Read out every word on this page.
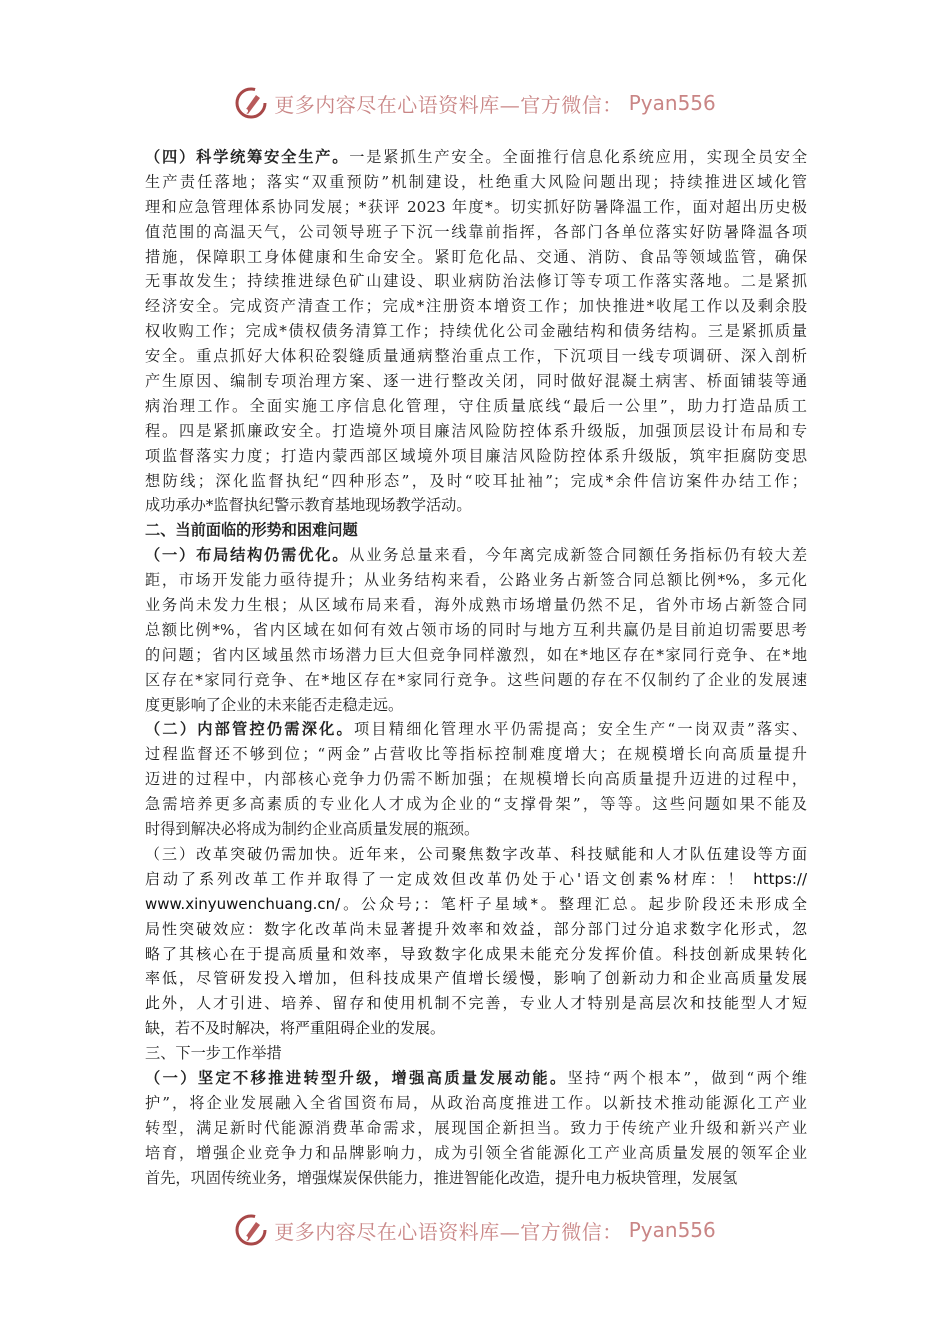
更多内容尽在心语资料库—官方微信： Pyan556
（四）科学统筹安全生产。一是紧抓生产安全。全面推行信息化系统应用，实现全员安全
生产责任落地；落实“双重预防”机制建设，杜绝重大风险问题出现；持续推进区域化管
理和应急管理体系协同发展；*获评 2023 年度*。切实抓好防暑降温工作，面对超出历史极
值范围的高温天气，公司领导班子下沉一线靠前指挥，各部门各单位落实好防暑降温各项
措施，保障职工身体健康和生命安全。紧盯危化品、交通、消防、食品等领域监管，确保
无事故发生；持续推进绿色矿山建设、职业病防治法修订等专项工作落实落地。二是紧抓
经济安全。完成资产清查工作；完成*注册资本增资工作；加快推进*收尾工作以及剩余股
权收购工作；完成*债权债务清算工作；持续优化公司金融结构和债务结构。三是紧抓质量
安全。重点抓好大体积砼裂缝质量通病整治重点工作，下沉项目一线专项调研、深入剖析
产生原因、编制专项治理方案、逐一进行整改关闭，同时做好混凝土病害、桥面铺装等通
病治理工作。全面实施工序信息化管理，守住质量底线“最后一公里”，助力打造品质工
程。四是紧抓廉政安全。打造境外项目廉洁风险防控体系升级版，加强顶层设计布局和专
项监督落实力度；打造内蒙西部区域境外项目廉洁风险防控体系升级版，筑牢拒腐防变思
想防线；深化监督执纪“四种形态”，及时“咬耳扯袖”；完成*余件信访案件办结工作；
成功承办*监督执纪警示教育基地现场教学活动。
二、当前面临的形势和困难问题
（一）布局结构仍需优化。从业务总量来看，今年离完成新签合同额任务指标仍有较大差
距，市场开发能力亟待提升；从业务结构来看，公路业务占新签合同总额比例*%，多元化
业务尚未发力生根；从区域布局来看，海外成熟市场增量仍然不足，省外市场占新签合同
总额比例*%，省内区域在如何有效占领市场的同时与地方互利共赢仍是目前迫切需要思考
的问题；省内区域虽然市场潜力巨大但竞争同样激烈，如在*地区存在*家同行竞争、在*地
区存在*家同行竞争、在*地区存在*家同行竞争。这些问题的存在不仅制约了企业的发展速
度更影响了企业的未来能否走稳走远。
（二）内部管控仍需深化。项目精细化管理水平仍需提高；安全生产“一岗双责”落实、
过程监督还不够到位；“两金”占营收比等指标控制难度增大；在规模增长向高质量提升
迈进的过程中，内部核心竞争力仍需不断加强；在规模增长向高质量提升迈进的过程中，
急需培养更多高素质的专业化人才成为企业的“支撑骨架”，等等。这些问题如果不能及
时得到解决必将成为制约企业高质量发展的瓶颈。
（三）改革突破仍需加快。近年来，公司聚焦数字改革、科技赋能和人才队伍建设等方面
启动了系列改革工作并取得了一定成效但改革仍处于心'语文创素%材库：！ https://
www.xinyuwenchuang.cn/。公众号;：笔杆子星域*。整理汇总。起步阶段还未形成全
局性突破效应：数字化改革尚未显著提升效率和效益，部分部门过分追求数字化形式，忽
略了其核心在于提高质量和效率，导致数字化成果未能充分发挥价值。科技创新成果转化
率低，尽管研发投入增加，但科技成果产值增长缓慢，影响了创新动力和企业高质量发展
此外，人才引进、培养、留存和使用机制不完善，专业人才特别是高层次和技能型人才短
缺，若不及时解决，将严重阻碍企业的发展。
三、下一步工作举措
（一）坚定不移推进转型升级，增强高质量发展动能。坚持“两个根本”，做到“两个维
护”，将企业发展融入全省国资布局，从政治高度推进工作。以新技术推动能源化工产业
转型，满足新时代能源消费革命需求，展现国企新担当。致力于传统产业升级和新兴产业
培育，增强企业竞争力和品牌影响力，成为引领全省能源化工产业高质量发展的领军企业
首先，巩固传统业务，增强煤炭保供能力，推进智能化改造，提升电力板块管理，发展氢
更多内容尽在心语资料库—官方微信： Pyan556
